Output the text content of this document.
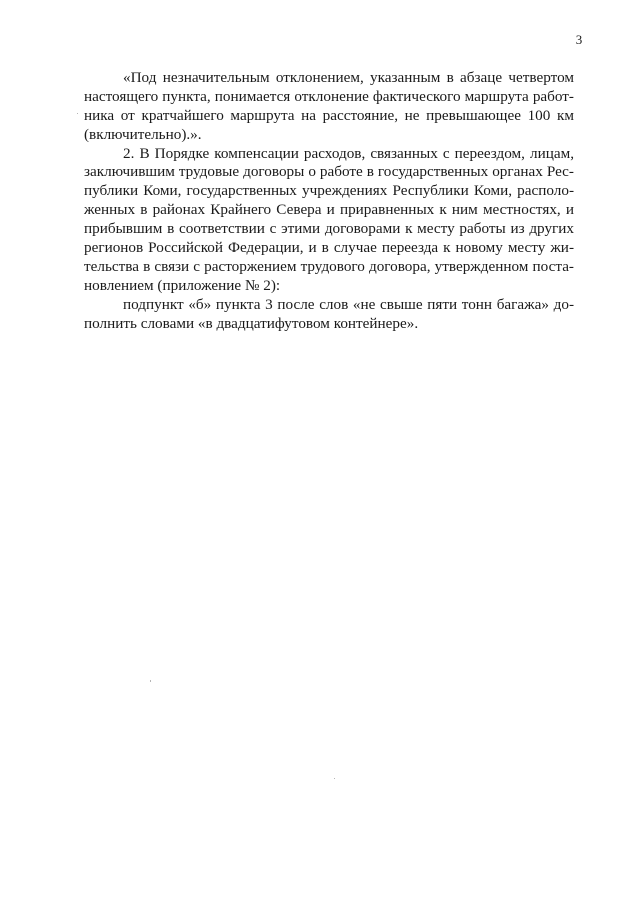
3
«Под незначительным отклонением, указанным в абзаце четвертом
настоящего пункта, понимается отклонение фактического маршрута работ-
ника от кратчайшего маршрута на расстояние, не превышающее 100 км
(включительно).».
2. В Порядке компенсации расходов, связанных с переездом, лицам,
заключившим трудовые договоры о работе в государственных органах Рес-
публики Коми, государственных учреждениях Республики Коми, располо-
женных в районах Крайнего Севера и приравненных к ним местностях, и
прибывшим в соответствии с этими договорами к месту работы из других
регионов Российской Федерации, и в случае переезда к новому месту жи-
тельства в связи с расторжением трудового договора, утвержденном поста-
новлением (приложение № 2):
подпункт «б» пункта 3 после слов «не свыше пяти тонн багажа» до-
полнить словами «в двадцатифутовом контейнере».
